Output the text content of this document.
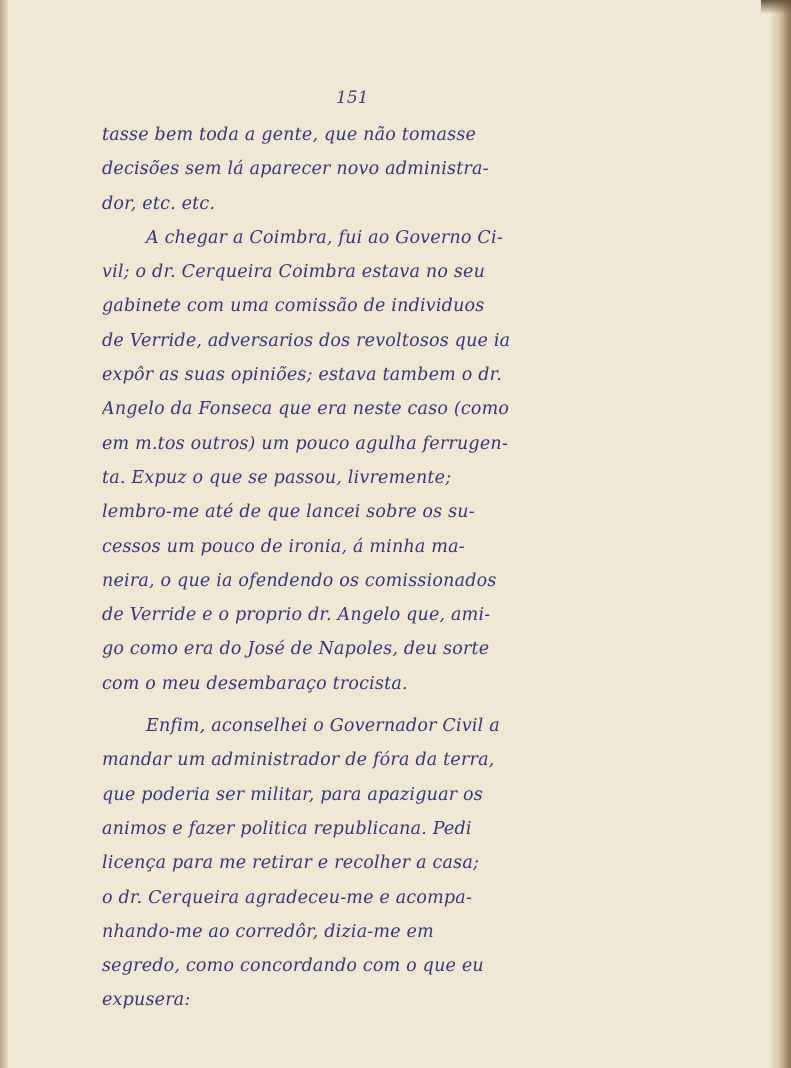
151
tasse bem toda a gente, que não tomasse
decisões sem lá aparecer novo administra-
dor, etc. etc.
A chegar a Coimbra, fui ao Governo Ci-
vil; o dr. Cerqueira Coimbra estava no seu
gabinete com uma comissão de individuos
de Verride, adversarios dos revoltosos que ia
expôr as suas opiniões; estava tambem o dr.
Angelo da Fonseca que era neste caso (como
em m.tos outros) um pouco agulha ferrugen-
ta. Expuz o que se passou, livremente;
lembro-me até de que lancei sobre os su-
cessos um pouco de ironia, á minha ma-
neira, o que ia ofendendo os comissionados
de Verride e o proprio dr. Angelo que, ami-
go como era do José de Napoles, deu sorte
com o meu desembaraço trocista.
Enfim, aconselhei o Governador Civil a
mandar um administrador de fóra da terra,
que poderia ser militar, para apaziguar os
animos e fazer politica republicana. Pedi
licença para me retirar e recolher a casa;
o dr. Cerqueira agradeceu-me e acompa-
nhando-me ao corredôr, dizia-me em
segredo, como concordando com o que eu
expusera:
